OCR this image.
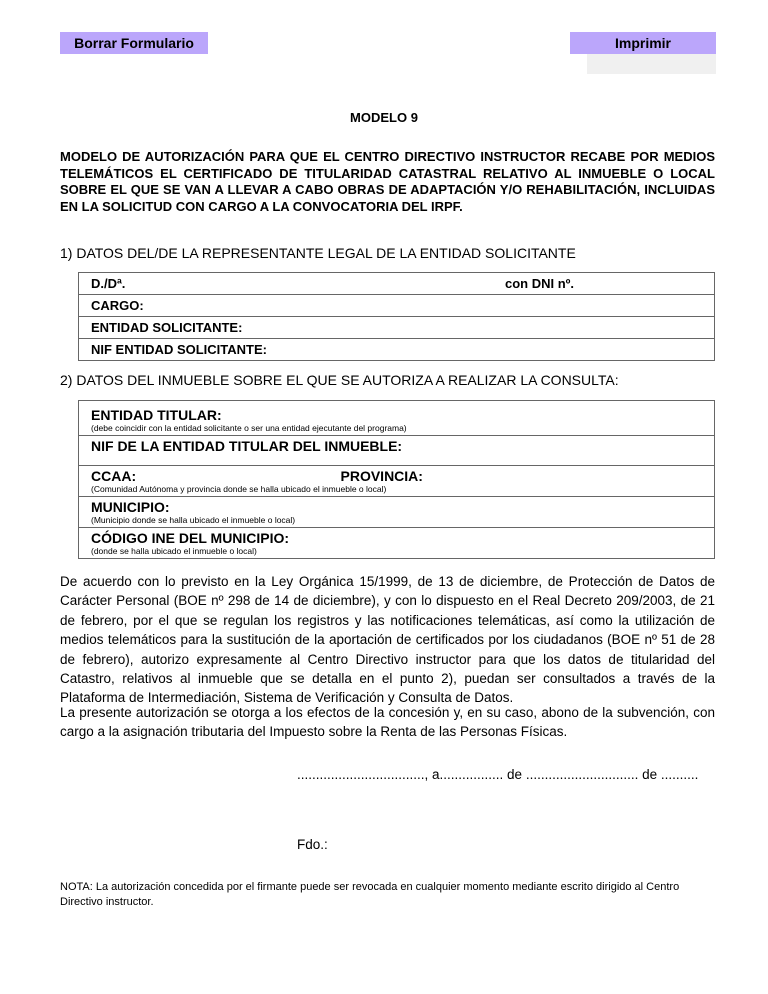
Borrar Formulario	Imprimir
MODELO 9
MODELO DE AUTORIZACIÓN PARA QUE EL CENTRO DIRECTIVO INSTRUCTOR RECABE POR MEDIOS TELEMÁTICOS EL CERTIFICADO DE TITULARIDAD CATASTRAL RELATIVO AL INMUEBLE O LOCAL SOBRE EL QUE SE VAN A LLEVAR A CABO OBRAS DE ADAPTACIÓN Y/O REHABILITACIÓN, INCLUIDAS EN LA SOLICITUD CON CARGO A LA CONVOCATORIA DEL IRPF.
1) DATOS DEL/DE LA REPRESENTANTE LEGAL DE LA ENTIDAD SOLICITANTE
D./Dª.	con DNI nº.

CARGO:
ENTIDAD SOLICITANTE:
NIF ENTIDAD SOLICITANTE:
2) DATOS DEL INMUEBLE SOBRE EL QUE SE AUTORIZA A REALIZAR LA CONSULTA:
ENTIDAD TITULAR:
(debe coincidir con la entidad solicitante o ser una entidad ejecutante del programa)

NIF DE LA ENTIDAD TITULAR DEL INMUEBLE:
CCAA:	PROVINCIA:
(Comunidad Autónoma y provincia donde se halla ubicado el inmueble o local)

MUNICIPIO:
(Municipio donde se halla ubicado el inmueble o local)

CÓDIGO INE DEL MUNICIPIO:
(donde se halla ubicado el inmueble o local)
De acuerdo con lo previsto en la Ley Orgánica 15/1999, de 13 de diciembre, de Protección de Datos de Carácter Personal (BOE nº 298 de 14 de diciembre), y con lo dispuesto en el Real Decreto 209/2003, de 21 de febrero, por el que se regulan los registros y las notificaciones telemáticas, así como la utilización de medios telemáticos para la sustitución de la aportación de certificados por los ciudadanos (BOE nº 51 de 28 de febrero), autorizo expresamente al Centro Directivo instructor para que los datos de titularidad del Catastro, relativos al inmueble que se detalla en el punto 2), puedan ser consultados a través de la Plataforma de Intermediación, Sistema de Verificación y Consulta de Datos.
La presente autorización se otorga a los efectos de la concesión y, en su caso, abono de la subvención, con cargo a la asignación tributaria del Impuesto sobre la Renta de las Personas Físicas.
.................................., a................. de .............................. de ..........
Fdo.:
NOTA: La autorización concedida por el firmante puede ser revocada en cualquier momento mediante escrito dirigido al Centro Directivo instructor.
